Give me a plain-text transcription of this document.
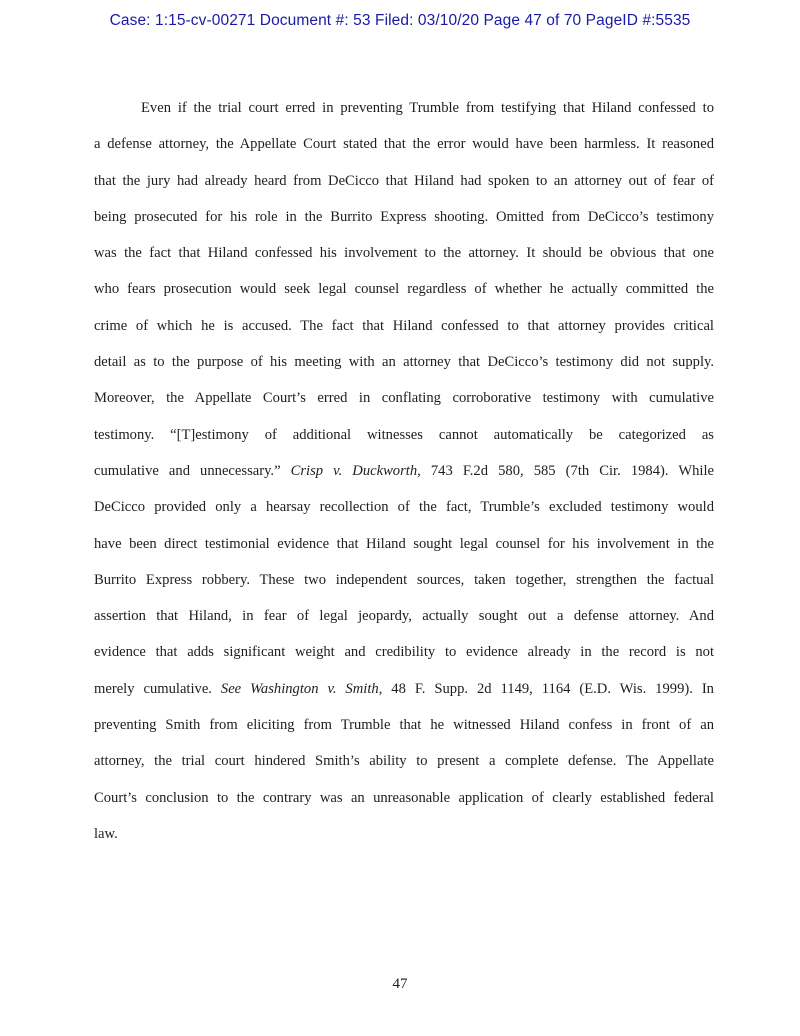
Case: 1:15-cv-00271 Document #: 53 Filed: 03/10/20 Page 47 of 70 PageID #:5535
Even if the trial court erred in preventing Trumble from testifying that Hiland confessed to
a defense attorney, the Appellate Court stated that the error would have been harmless. It reasoned
that the jury had already heard from DeCicco that Hiland had spoken to an attorney out of fear of
being prosecuted for his role in the Burrito Express shooting. Omitted from DeCicco’s testimony
was the fact that Hiland confessed his involvement to the attorney. It should be obvious that one
who fears prosecution would seek legal counsel regardless of whether he actually committed the
crime of which he is accused. The fact that Hiland confessed to that attorney provides critical
detail as to the purpose of his meeting with an attorney that DeCicco’s testimony did not supply.
Moreover, the Appellate Court’s erred in conflating corroborative testimony with cumulative
testimony. “[T]estimony of additional witnesses cannot automatically be categorized as
cumulative and unnecessary.” Crisp v. Duckworth, 743 F.2d 580, 585 (7th Cir. 1984). While
DeCicco provided only a hearsay recollection of the fact, Trumble’s excluded testimony would
have been direct testimonial evidence that Hiland sought legal counsel for his involvement in the
Burrito Express robbery. These two independent sources, taken together, strengthen the factual
assertion that Hiland, in fear of legal jeopardy, actually sought out a defense attorney. And
evidence that adds significant weight and credibility to evidence already in the record is not
merely cumulative. See Washington v. Smith, 48 F. Supp. 2d 1149, 1164 (E.D. Wis. 1999). In
preventing Smith from eliciting from Trumble that he witnessed Hiland confess in front of an
attorney, the trial court hindered Smith’s ability to present a complete defense. The Appellate
Court’s conclusion to the contrary was an unreasonable application of clearly established federal
law.
47
